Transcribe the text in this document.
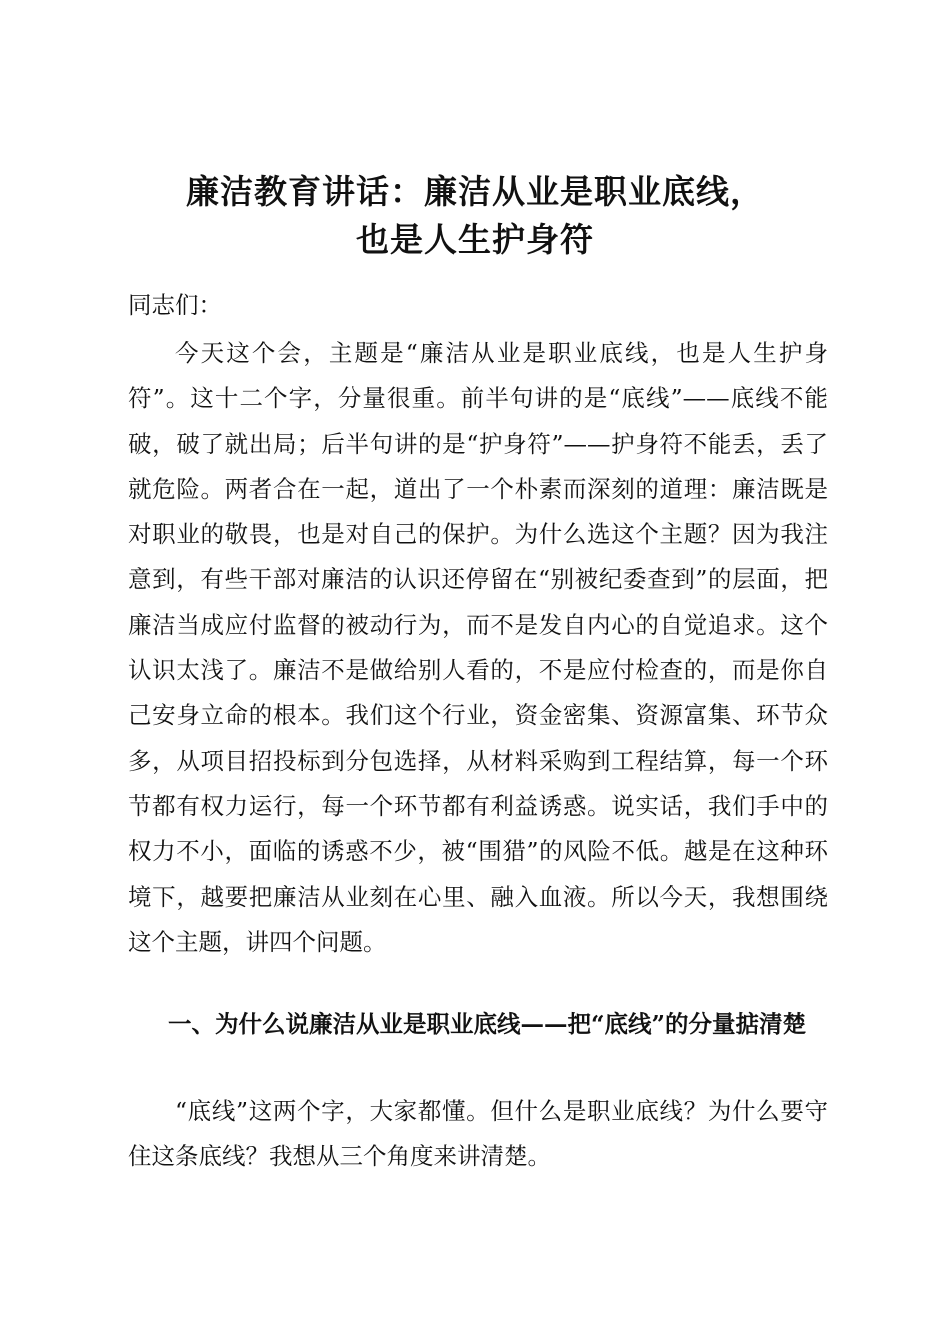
廉洁教育讲话：廉洁从业是职业底线，
也是人生护身符

同志们：

今天这个会，主题是“廉洁从业是职业底线，也是人生护身符”。这十二个字，分量很重。前半句讲的是“底线”——底线不能破，破了就出局；后半句讲的是“护身符”——护身符不能丢，丢了就危险。两者合在一起，道出了一个朴素而深刻的道理：廉洁既是对职业的敬畏，也是对自己的保护。为什么选这个主题？因为我注意到，有些干部对廉洁的认识还停留在“别被纪委查到”的层面，把廉洁当成应付监督的被动行为，而不是发自内心的自觉追求。这个认识太浅了。廉洁不是做给别人看的，不是应付检查的，而是你自己安身立命的根本。我们这个行业，资金密集、资源富集、环节众多，从项目招投标到分包选择，从材料采购到工程结算，每一个环节都有权力运行，每一个环节都有利益诱惑。说实话，我们手中的权力不小，面临的诱惑不少，被“围猎”的风险不低。越是在这种环境下，越要把廉洁从业刻在心里、融入血液。所以今天，我想围绕这个主题，讲四个问题。

一、为什么说廉洁从业是职业底线——把“底线”的分量掂清楚

“底线”这两个字，大家都懂。但什么是职业底线？为什么要守住这条底线？我想从三个角度来讲清楚。
